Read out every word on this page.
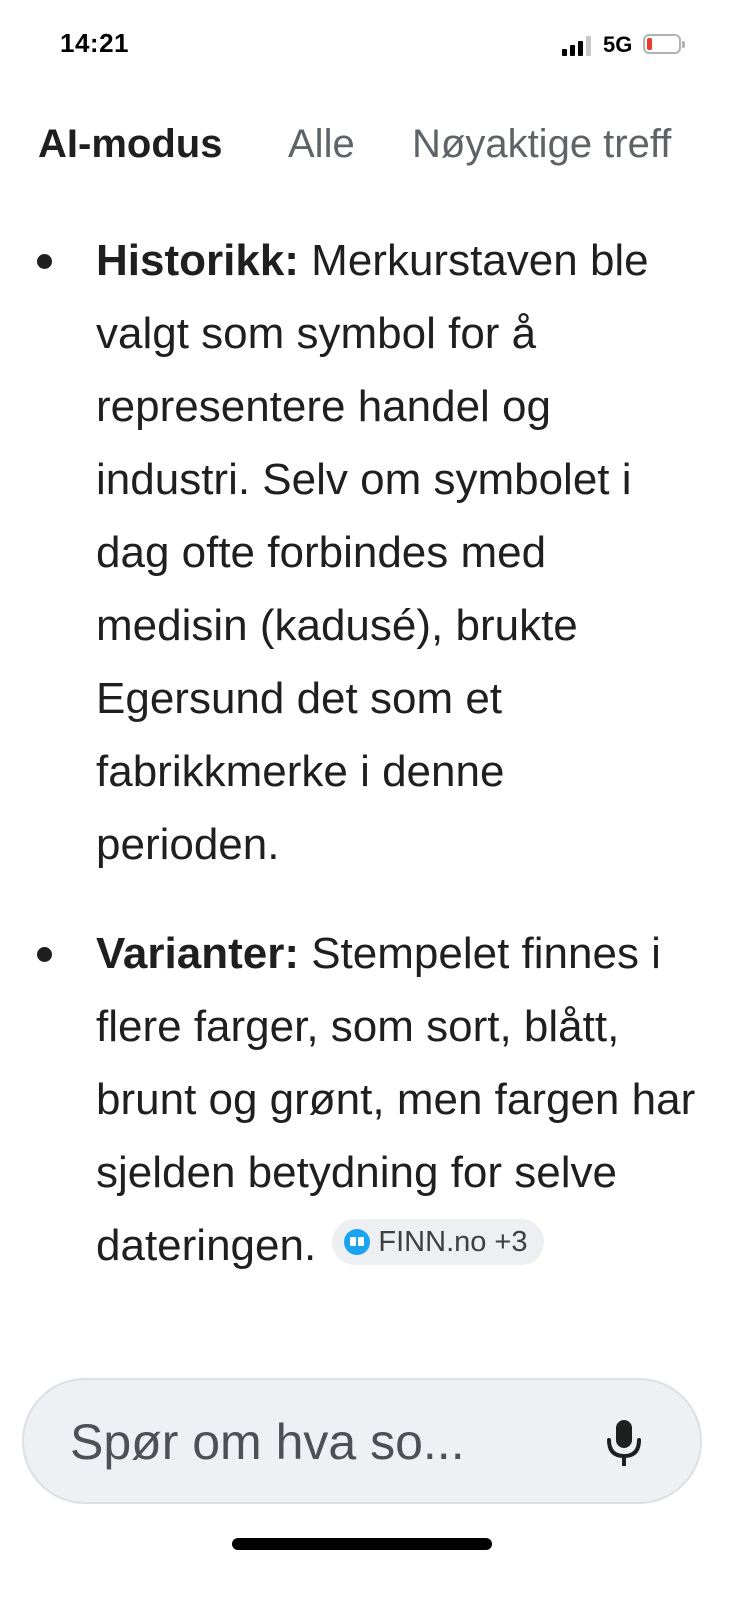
14:21	5G
AI-modus Alle Nøyaktige treff
Historikk: Merkurstaven ble valgt som symbol for å representere handel og industri. Selv om symbolet i dag ofte forbindes med medisin (kadusé), brukte Egersund det som et fabrikkmerke i denne perioden.
Varianter: Stempelet finnes i flere farger, som sort, blått, brunt og grønt, men fargen har sjelden betydning for selve dateringen. FINN.no +3
Spør om hva so...
